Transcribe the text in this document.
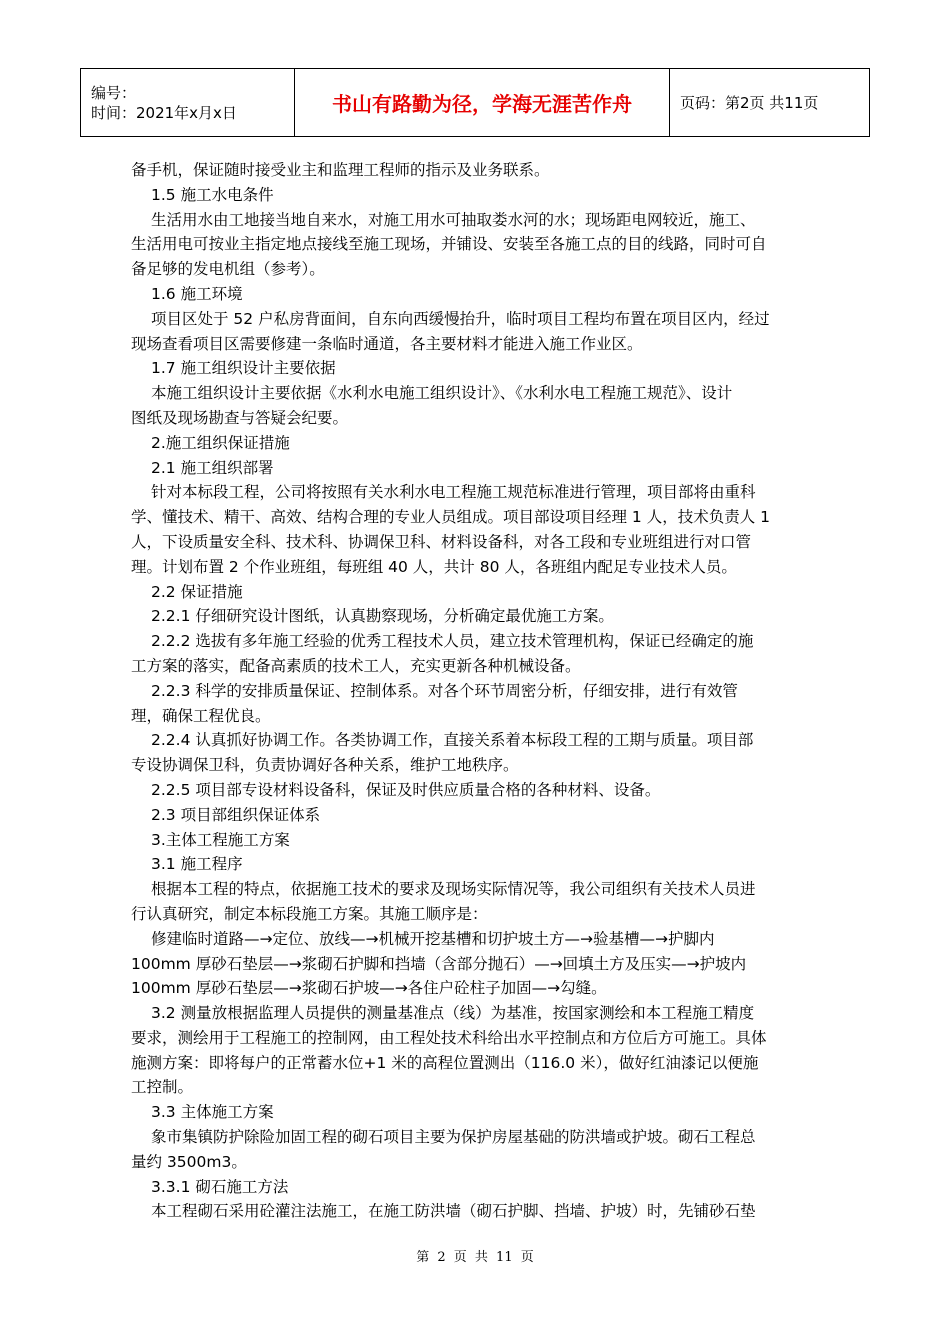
编号：
时间：2021年x月x日	书山有路勤为径，学海无涯苦作舟	页码：第2页 共11页
备手机，保证随时接受业主和监理工程师的指示及业务联系。
1.5 施工水电条件
生活用水由工地接当地自来水，对施工用水可抽取娄水河的水；现场距电网较近，施工、
生活用电可按业主指定地点接线至施工现场，并铺设、安装至各施工点的目的线路，同时可自
备足够的发电机组（参考）。
1.6 施工环境
项目区处于 52 户私房背面间，自东向西缓慢抬升，临时项目工程均布置在项目区内，经过
现场查看项目区需要修建一条临时通道，各主要材料才能进入施工作业区。
1.7 施工组织设计主要依据
本施工组织设计主要依据《水利水电施工组织设计》、《水利水电工程施工规范》、设计
图纸及现场勘查与答疑会纪要。
2.施工组织保证措施
2.1 施工组织部署
针对本标段工程，公司将按照有关水利水电工程施工规范标准进行管理，项目部将由重科
学、懂技术、精干、高效、结构合理的专业人员组成。项目部设项目经理 1 人，技术负责人 1
人，下设质量安全科、技术科、协调保卫科、材料设备科，对各工段和专业班组进行对口管
理。计划布置 2 个作业班组，每班组 40 人，共计 80 人，各班组内配足专业技术人员。
2.2 保证措施
2.2.1 仔细研究设计图纸，认真勘察现场，分析确定最优施工方案。
2.2.2 选拔有多年施工经验的优秀工程技术人员，建立技术管理机构，保证已经确定的施
工方案的落实，配备高素质的技术工人，充实更新各种机械设备。
2.2.3 科学的安排质量保证、控制体系。对各个环节周密分析，仔细安排，进行有效管
理，确保工程优良。
2.2.4 认真抓好协调工作。各类协调工作，直接关系着本标段工程的工期与质量。项目部
专设协调保卫科，负责协调好各种关系，维护工地秩序。
2.2.5 项目部专设材料设备科，保证及时供应质量合格的各种材料、设备。
2.3 项目部组织保证体系
3.主体工程施工方案
3.1 施工程序
根据本工程的特点，依据施工技术的要求及现场实际情况等，我公司组织有关技术人员进
行认真研究，制定本标段施工方案。其施工顺序是：
修建临时道路—→定位、放线—→机械开挖基槽和切护坡土方—→验基槽—→护脚内
100mm 厚砂石垫层—→浆砌石护脚和挡墙（含部分抛石）—→回填土方及压实—→护坡内
100mm 厚砂石垫层—→浆砌石护坡—→各住户砼柱子加固—→勾缝。
3.2 测量放根据监理人员提供的测量基准点（线）为基准，按国家测绘和本工程施工精度
要求，测绘用于工程施工的控制网，由工程处技术科给出水平控制点和方位后方可施工。具体
施测方案：即将每户的正常蓄水位+1 米的高程位置测出（116.0 米），做好红油漆记以便施
工控制。
3.3 主体施工方案
象市集镇防护除险加固工程的砌石项目主要为保护房屋基础的防洪墙或护坡。砌石工程总
量约 3500m3。
3.3.1 砌石施工方法
本工程砌石采用砼灌注法施工，在施工防洪墙（砌石护脚、挡墙、护坡）时，先铺砂石垫
第 2 页 共 11 页
